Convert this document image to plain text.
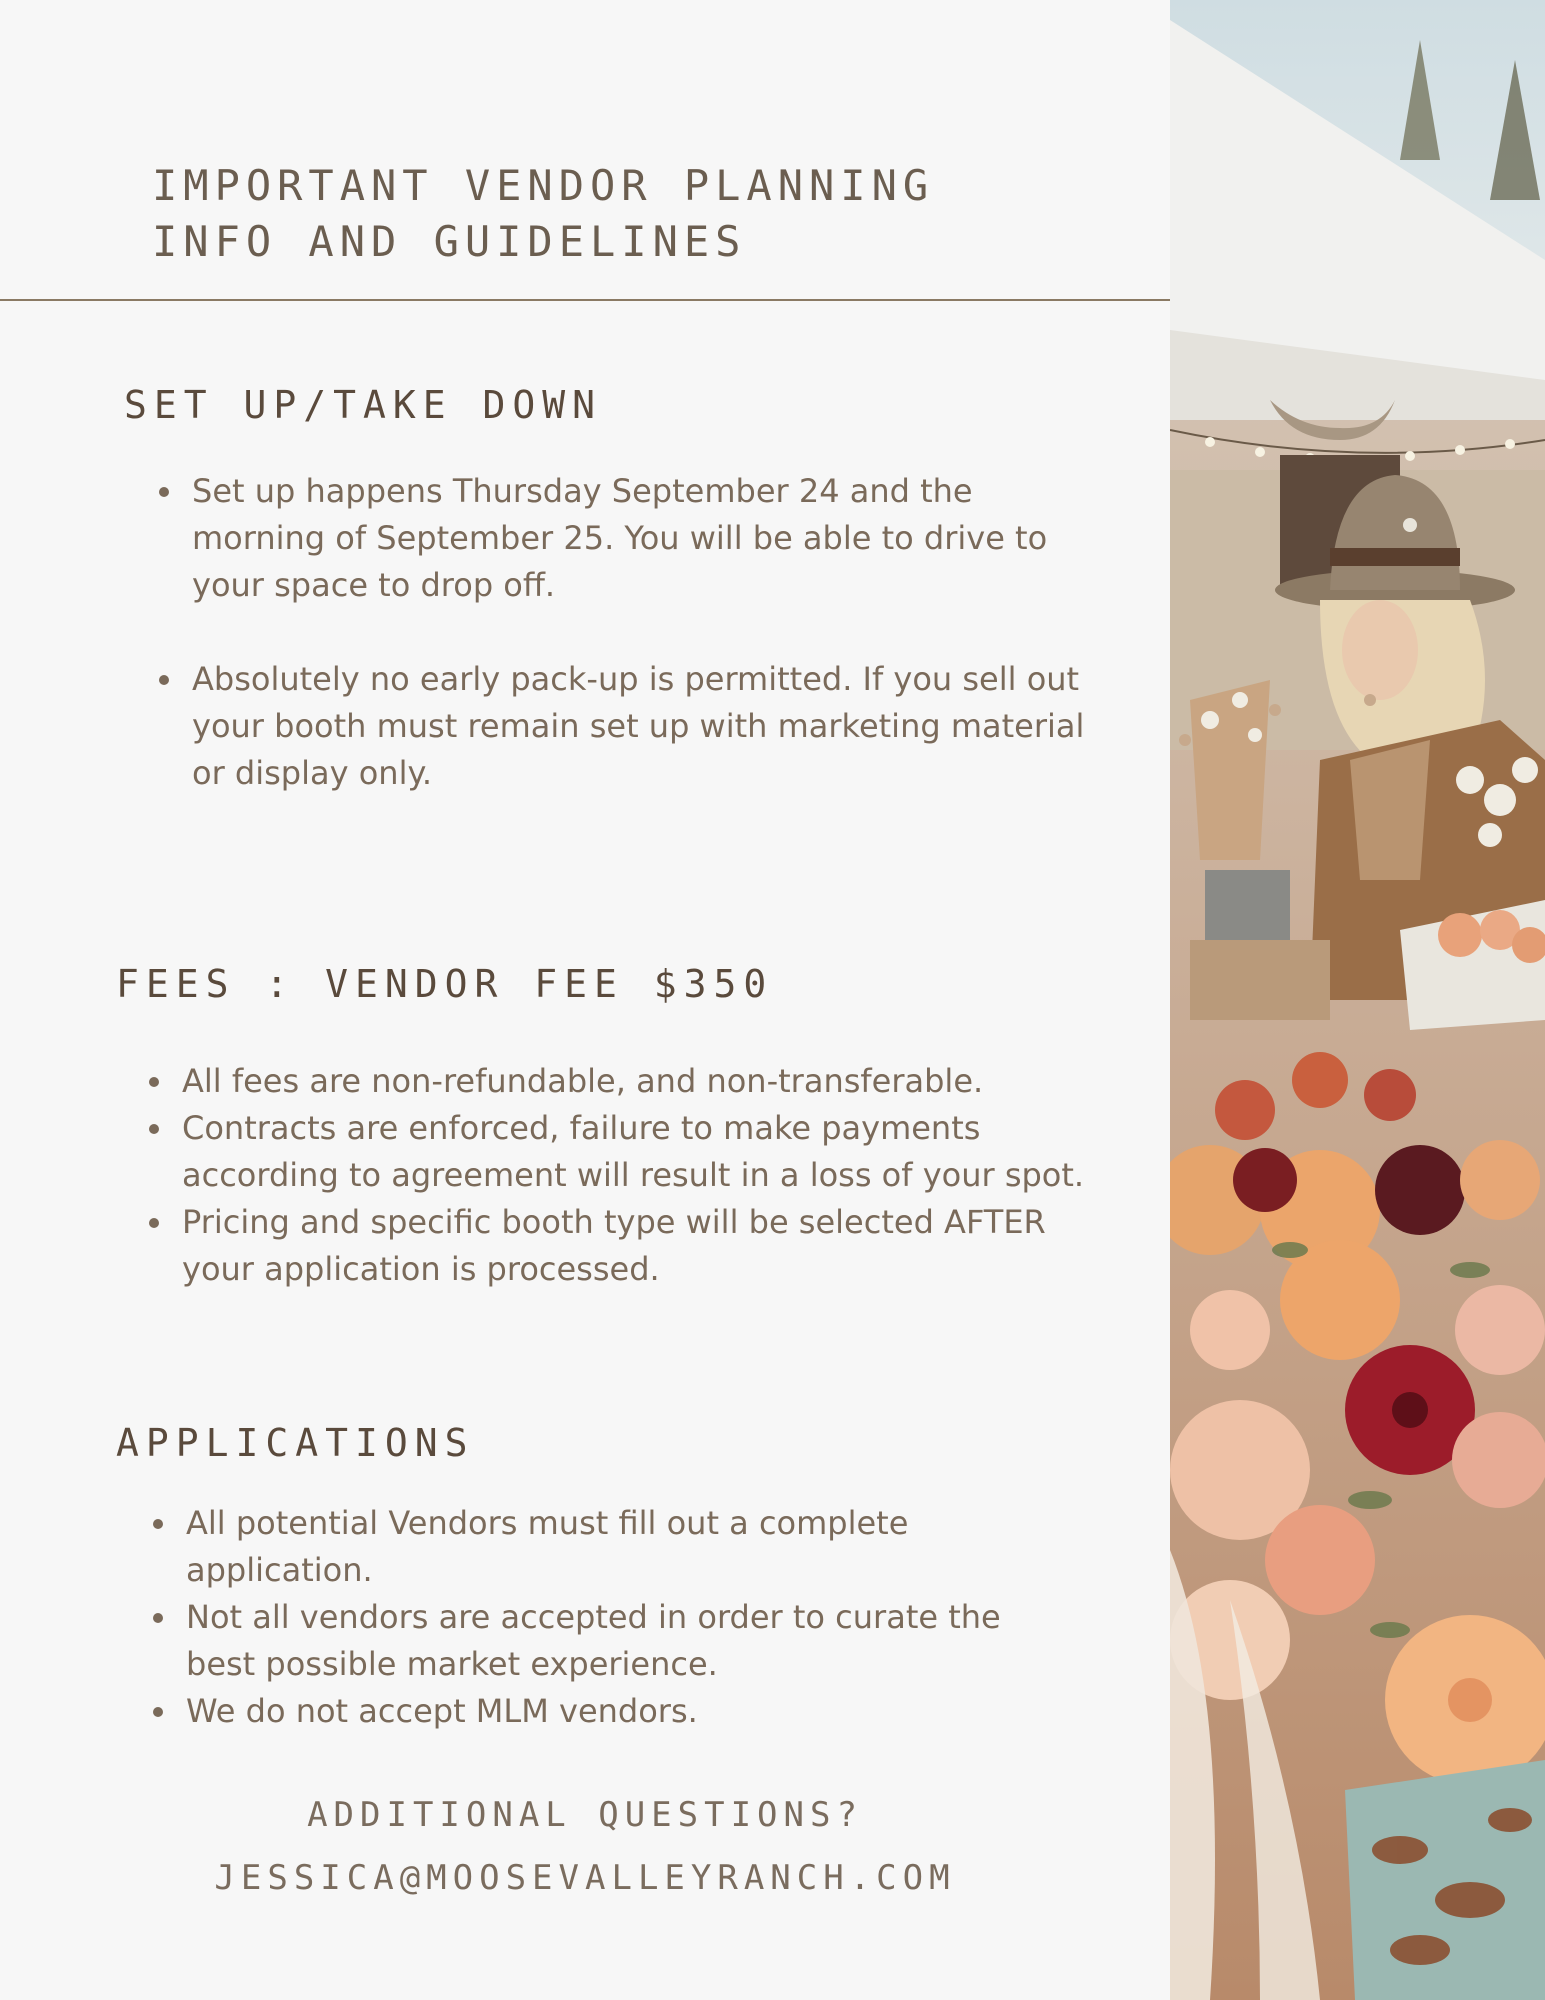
IMPORTANT VENDOR PLANNING
INFO AND GUIDELINES
SET UP/TAKE DOWN
• Set up happens Thursday September 24 and the morning of September 25. You will be able to drive to your space to drop off.
• Absolutely no early pack-up is permitted. If you sell out your booth must remain set up with marketing material or display only.
FEES : VENDOR FEE $350
• All fees are non-refundable, and non-transferable.
• Contracts are enforced, failure to make payments according to agreement will result in a loss of your spot.
• Pricing and specific booth type will be selected AFTER your application is processed.
APPLICATIONS
• All potential Vendors must fill out a complete application.
• Not all vendors are accepted in order to curate the best possible market experience.
• We do not accept MLM vendors.
ADDITIONAL QUESTIONS?
JESSICA@MOOSEVALLEYRANCH.COM
